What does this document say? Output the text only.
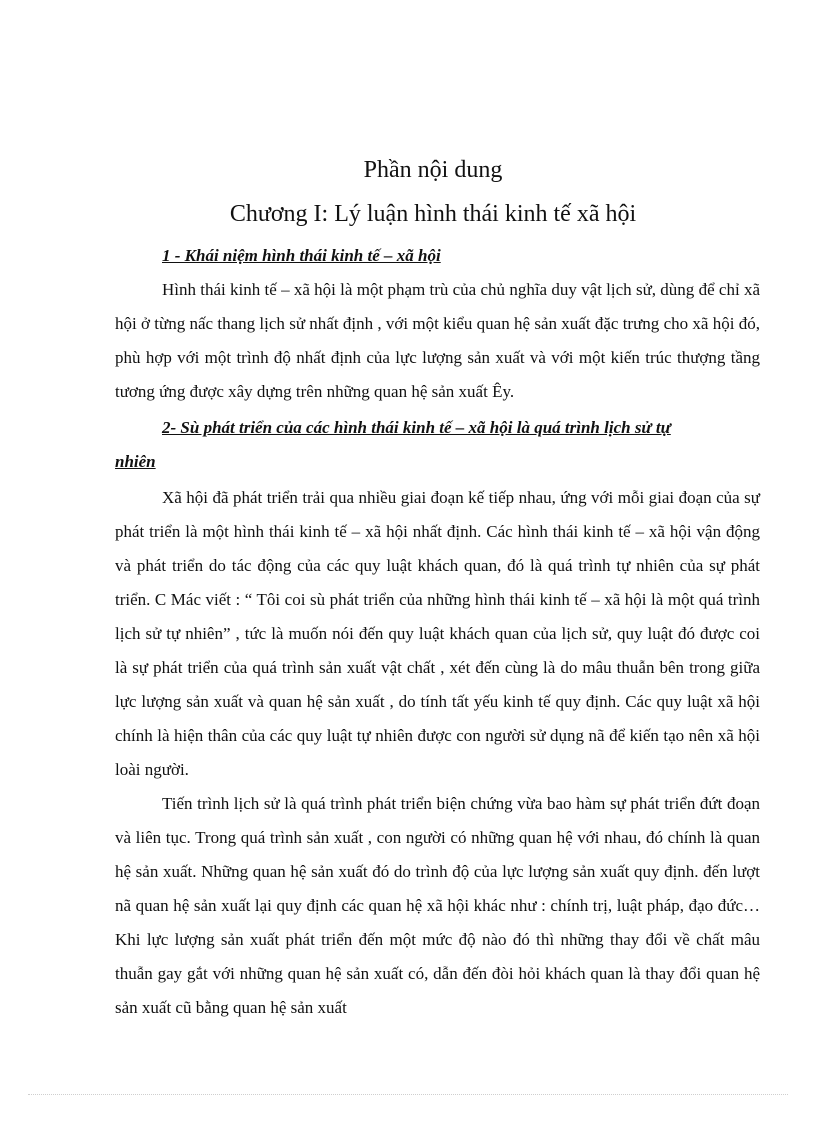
Phần nội dung
Chương I: Lý luận hình thái kinh tế xã hội
1 - Khái niệm hình thái kinh tế – xã hội
Hình thái kinh tế – xã hội là một phạm trù của chủ nghĩa duy vật lịch sử, dùng để chỉ xã hội ở từng nấc thang lịch sử nhất định , với một kiểu quan hệ sản xuất đặc trưng cho xã hội đó, phù hợp với một trình độ nhất định của lực lượng sản xuất và với một kiến trúc thượng tầng tương ứng được xây dựng trên những quan hệ sản xuất Êy.
2- Sù phát triển của các hình thái kinh tế – xã hội là quá trình lịch sử tự
nhiên
Xã hội đã phát triển trải qua nhiều giai đoạn kế tiếp nhau, ứng với mỗi giai đoạn của sự phát triển là một hình thái kinh tế – xã hội nhất định. Các hình thái kinh tế – xã hội vận động và phát triển do tác động của các quy luật khách quan, đó là quá trình tự nhiên của sự phát triển. C Mác viết : “ Tôi coi sù phát triển của những hình thái kinh tế – xã hội là một quá trình lịch sử tự nhiên” , tức là muốn nói đến quy luật khách quan của lịch sử, quy luật đó được coi là sự phát triển của quá trình sản xuất vật chất , xét đến cùng là do mâu thuẫn bên trong giữa lực lượng sản xuất và quan hệ sản xuất , do tính tất yếu kinh tế quy định. Các quy luật xã hội chính là hiện thân của các quy luật tự nhiên được con người sử dụng nã để kiến tạo nên xã hội loài người.
Tiến trình lịch sử là quá trình phát triển biện chứng vừa bao hàm sự phát triển đứt đoạn và liên tục. Trong quá trình sản xuất , con người có những quan hệ với nhau, đó chính là quan hệ sản xuất. Những quan hệ sản xuất đó do trình độ của lực lượng sản xuất quy định. đến lượt nã quan hệ sản xuất lại quy định các quan hệ xã hội khác như : chính trị, luật pháp, đạo đức… Khi lực lượng sản xuất phát triển đến một mức độ nào đó thì những thay đổi về chất mâu thuẫn gay gắt với những quan hệ sản xuất có, dẫn đến đòi hỏi khách quan là thay đổi quan hệ sản xuất cũ bằng quan hệ sản xuất
